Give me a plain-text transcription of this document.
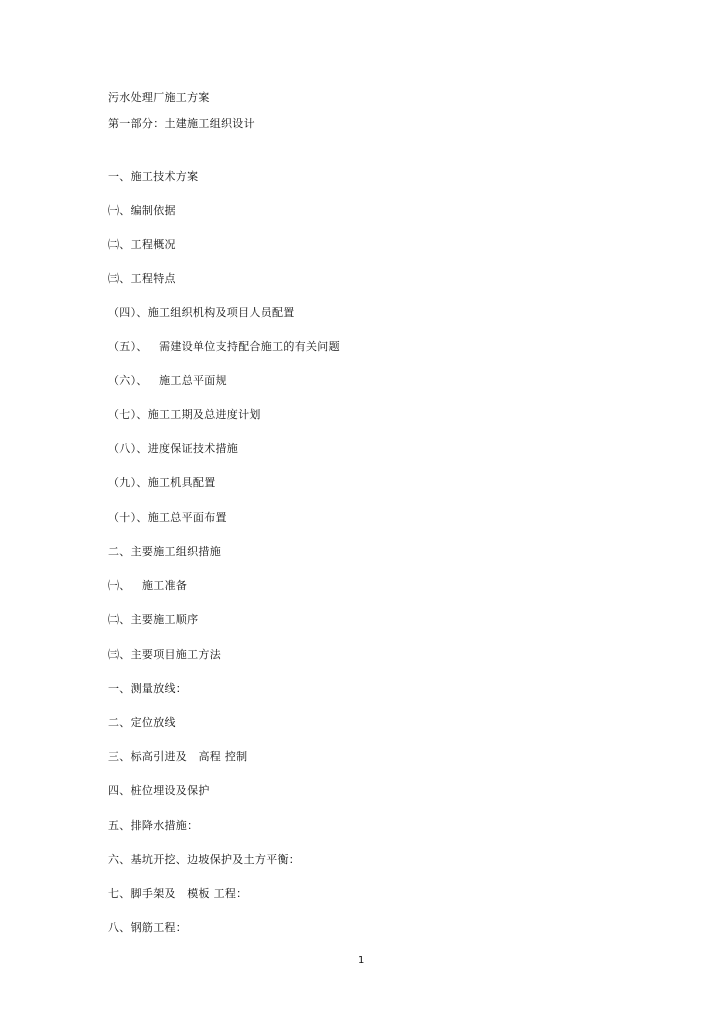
污水处理厂施工方案
第一部分：土建施工组织设计
一、施工技术方案
㈠、编制依据
㈡、工程概况
㈢、工程特点
（四）、施工组织机构及项目人员配置
（五）、   需建设单位支持配合施工的有关问题
（六）、   施工总平面规
（七）、施工工期及总进度计划
（八）、进度保证技术措施
（九）、施工机具配置
（十）、施工总平面布置
二、主要施工组织措施
㈠、   施工准备
㈡、主要施工顺序
㈢、主要项目施工方法
一、测量放线：
二、定位放线
三、标高引进及   高程 控制
四、桩位埋设及保护
五、排降水措施：
六、基坑开挖、边坡保护及土方平衡：
七、脚手架及   模板 工程：
八、钢筋工程：
1
